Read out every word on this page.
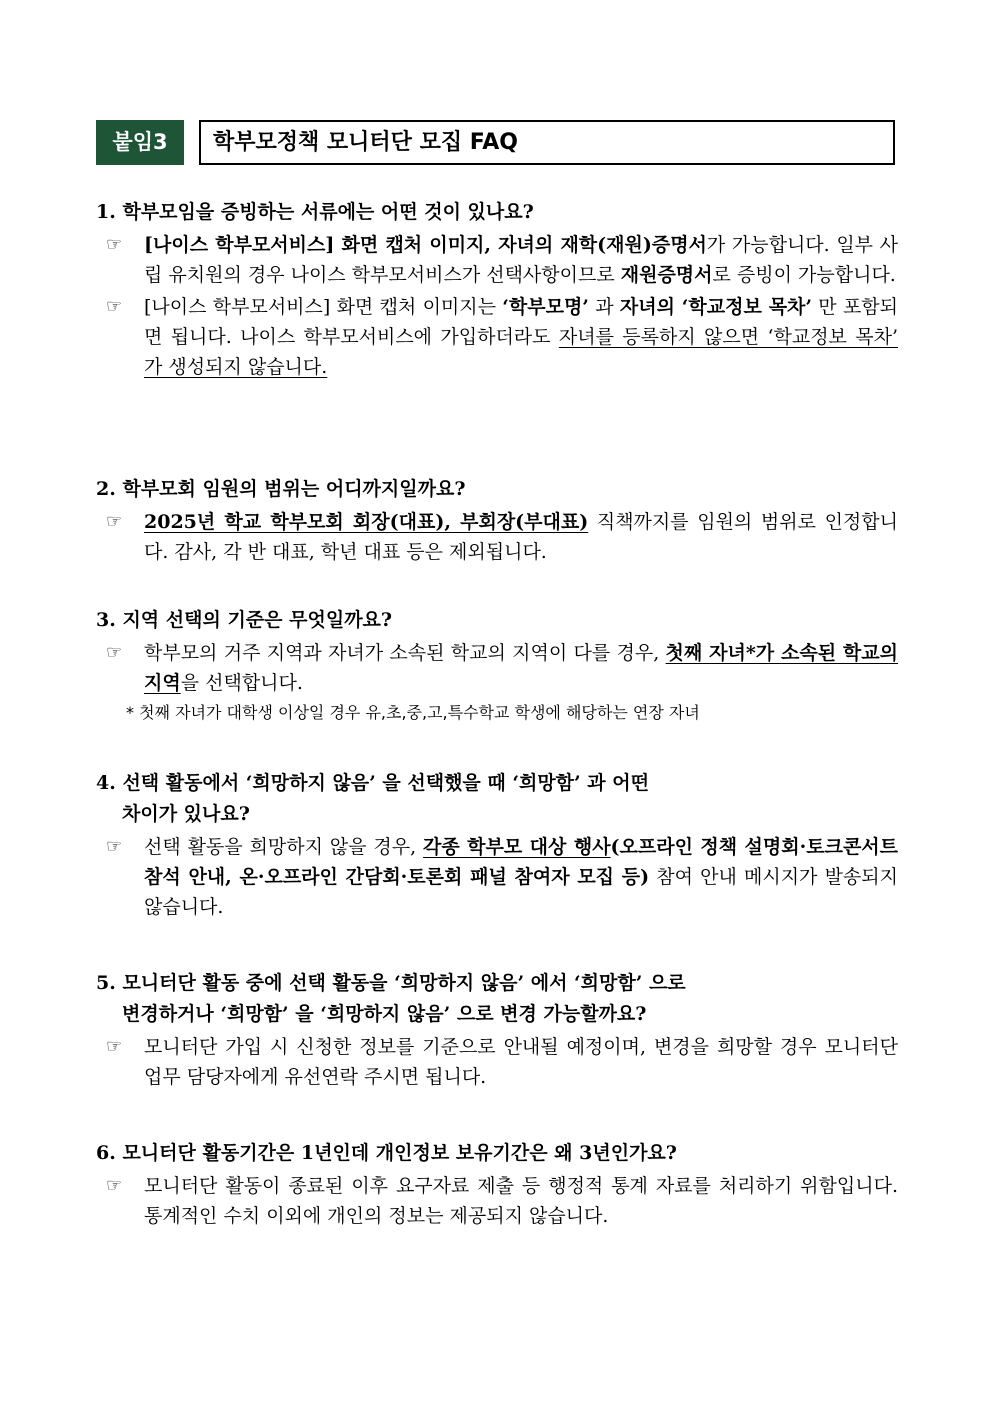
붙임3	학부모정책 모니터단 모집 FAQ
1. 학부모임을 증빙하는 서류에는 어떤 것이 있나요?
☞ [나이스 학부모서비스] 화면 캡처 이미지, 자녀의 재학(재원)증명서가 가능합니다. 일부 사립 유치원의 경우 나이스 학부모서비스가 선택사항이므로 재원증명서로 증빙이 가능합니다.
☞ [나이스 학부모서비스] 화면 캡처 이미지는 ‘학부모명’ 과 자녀의 ‘학교정보 목차’ 만 포함되면 됩니다. 나이스 학부모서비스에 가입하더라도 자녀를 등록하지 않으면 ‘학교정보 목차’ 가 생성되지 않습니다.
2. 학부모회 임원의 범위는 어디까지일까요?
☞ 2025년 학교 학부모회 회장(대표), 부회장(부대표) 직책까지를 임원의 범위로 인정합니다. 감사, 각 반 대표, 학년 대표 등은 제외됩니다.
3. 지역 선택의 기준은 무엇일까요?
☞ 학부모의 거주 지역과 자녀가 소속된 학교의 지역이 다를 경우, 첫째 자녀*가 소속된 학교의 지역을 선택합니다.
* 첫째 자녀가 대학생 이상일 경우 유,초,중,고,특수학교 학생에 해당하는 연장 자녀
4. 선택 활동에서 ‘희망하지 않음’ 을 선택했을 때 ‘희망함’ 과 어떤
차이가 있나요?
☞ 선택 활동을 희망하지 않을 경우, 각종 학부모 대상 행사(오프라인 정책 설명회·토크콘서트 참석 안내, 온·오프라인 간담회·토론회 패널 참여자 모집 등) 참여 안내 메시지가 발송되지 않습니다.
5. 모니터단 활동 중에 선택 활동을 ‘희망하지 않음’ 에서 ‘희망함’ 으로
변경하거나 ‘희망함’ 을 ‘희망하지 않음’ 으로 변경 가능할까요?
☞ 모니터단 가입 시 신청한 정보를 기준으로 안내될 예정이며, 변경을 희망할 경우 모니터단 업무 담당자에게 유선연락 주시면 됩니다.
6. 모니터단 활동기간은 1년인데 개인정보 보유기간은 왜 3년인가요?
☞ 모니터단 활동이 종료된 이후 요구자료 제출 등 행정적 통계 자료를 처리하기 위함입니다. 통계적인 수치 이외에 개인의 정보는 제공되지 않습니다.
